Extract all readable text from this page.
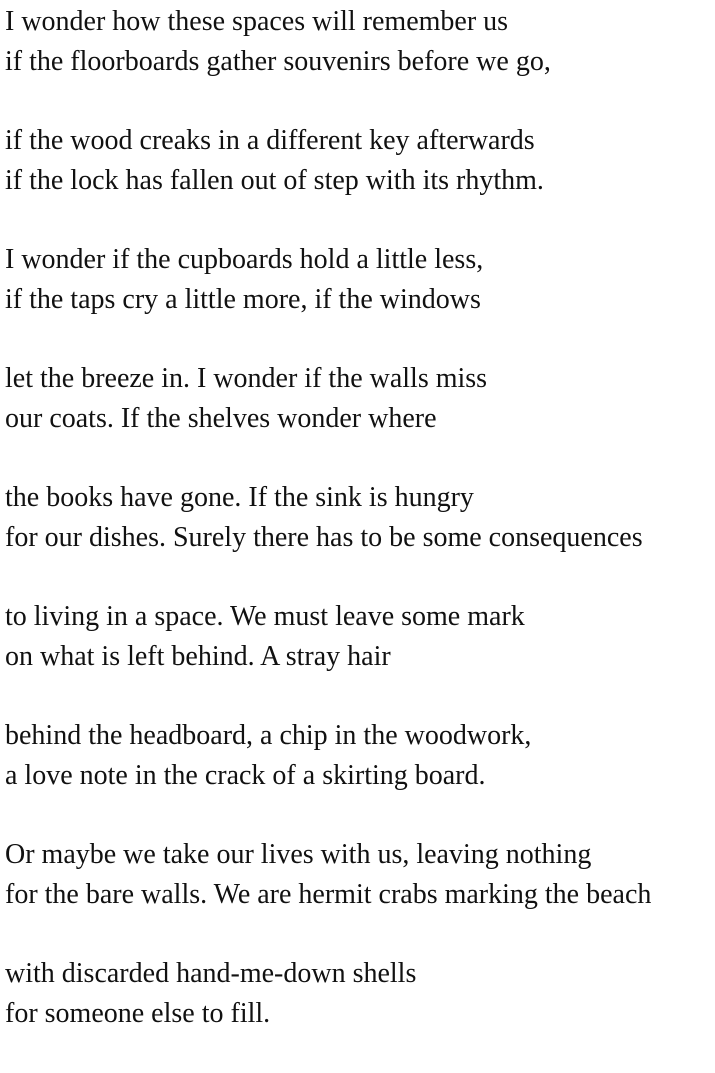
I wonder how these spaces will remember us
if the floorboards gather souvenirs before we go,
if the wood creaks in a different key afterwards
if the lock has fallen out of step with its rhythm.
I wonder if the cupboards hold a little less,
if the taps cry a little more, if the windows
let the breeze in. I wonder if the walls miss
our coats. If the shelves wonder where
the books have gone. If the sink is hungry
for our dishes. Surely there has to be some consequences
to living in a space. We must leave some mark
on what is left behind. A stray hair
behind the headboard, a chip in the woodwork,
a love note in the crack of a skirting board.
Or maybe we take our lives with us, leaving nothing
for the bare walls. We are hermit crabs marking the beach
with discarded hand-me-down shells
for someone else to fill.
